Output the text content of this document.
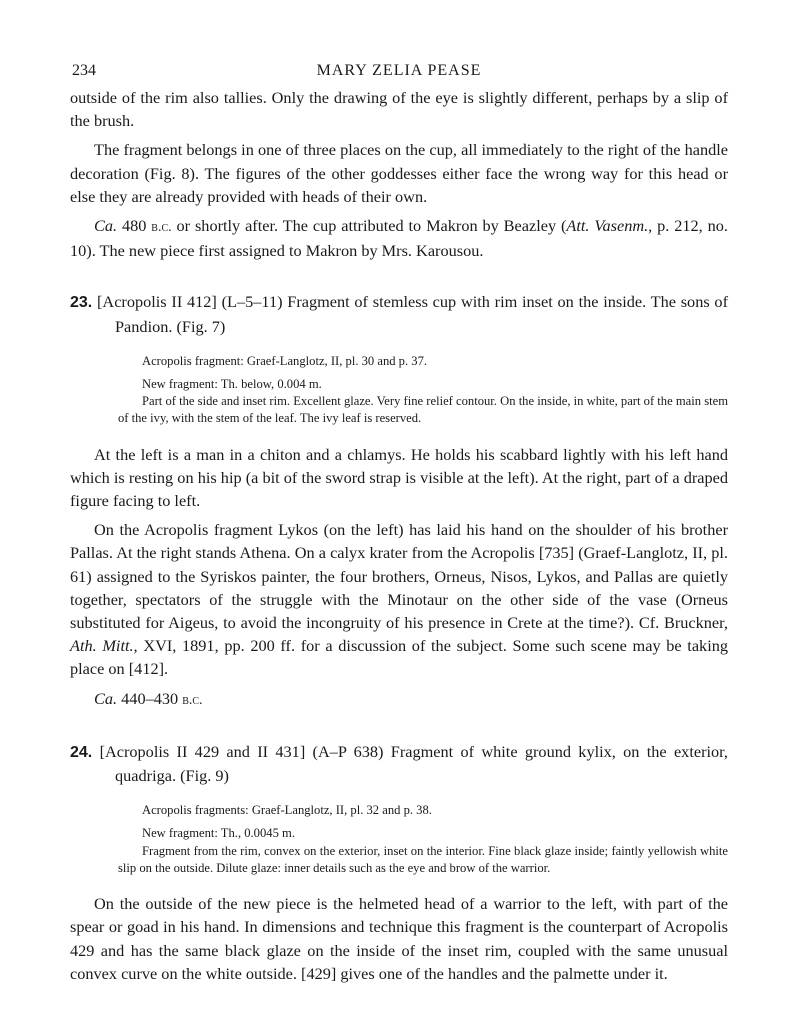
234	MARY ZELIA PEASE

outside of the rim also tallies. Only the drawing of the eye is slightly different, perhaps by a slip of the brush.

The fragment belongs in one of three places on the cup, all immediately to the right of the handle decoration (Fig. 8). The figures of the other goddesses either face the wrong way for this head or else they are already provided with heads of their own.

Ca. 480 b.c. or shortly after. The cup attributed to Makron by Beazley (Att. Vasenm., p. 212, no. 10). The new piece first assigned to Makron by Mrs. Karousou.

23. [Acropolis II 412] (L–5–11) Fragment of stemless cup with rim inset on the inside. The sons of Pandion. (Fig. 7)

Acropolis fragment: Graef-Langlotz, II, pl. 30 and p. 37.

New fragment: Th. below, 0.004 m.

Part of the side and inset rim. Excellent glaze. Very fine relief contour. On the inside, in white, part of the main stem of the ivy, with the stem of the leaf. The ivy leaf is reserved.

At the left is a man in a chiton and a chlamys. He holds his scabbard lightly with his left hand which is resting on his hip (a bit of the sword strap is visible at the left). At the right, part of a draped figure facing to left.

On the Acropolis fragment Lykos (on the left) has laid his hand on the shoulder of his brother Pallas. At the right stands Athena. On a calyx krater from the Acropolis [735] (Graef-Langlotz, II, pl. 61) assigned to the Syriskos painter, the four brothers, Orneus, Nisos, Lykos, and Pallas are quietly together, spectators of the struggle with the Minotaur on the other side of the vase (Orneus substituted for Aigeus, to avoid the incongruity of his presence in Crete at the time?). Cf. Bruckner, Ath. Mitt., XVI, 1891, pp. 200 ff. for a discussion of the subject. Some such scene may be taking place on [412].

Ca. 440–430 b.c.

24. [Acropolis II 429 and II 431] (A–P 638) Fragment of white ground kylix, on the exterior, quadriga. (Fig. 9)

Acropolis fragments: Graef-Langlotz, II, pl. 32 and p. 38.

New fragment: Th., 0.0045 m.

Fragment from the rim, convex on the exterior, inset on the interior. Fine black glaze inside; faintly yellowish white slip on the outside. Dilute glaze: inner details such as the eye and brow of the warrior.

On the outside of the new piece is the helmeted head of a warrior to the left, with part of the spear or goad in his hand. In dimensions and technique this fragment is the counterpart of Acropolis 429 and has the same black glaze on the inside of the inset rim, coupled with the same unusual convex curve on the white outside. [429] gives one of the handles and the palmette under it.
